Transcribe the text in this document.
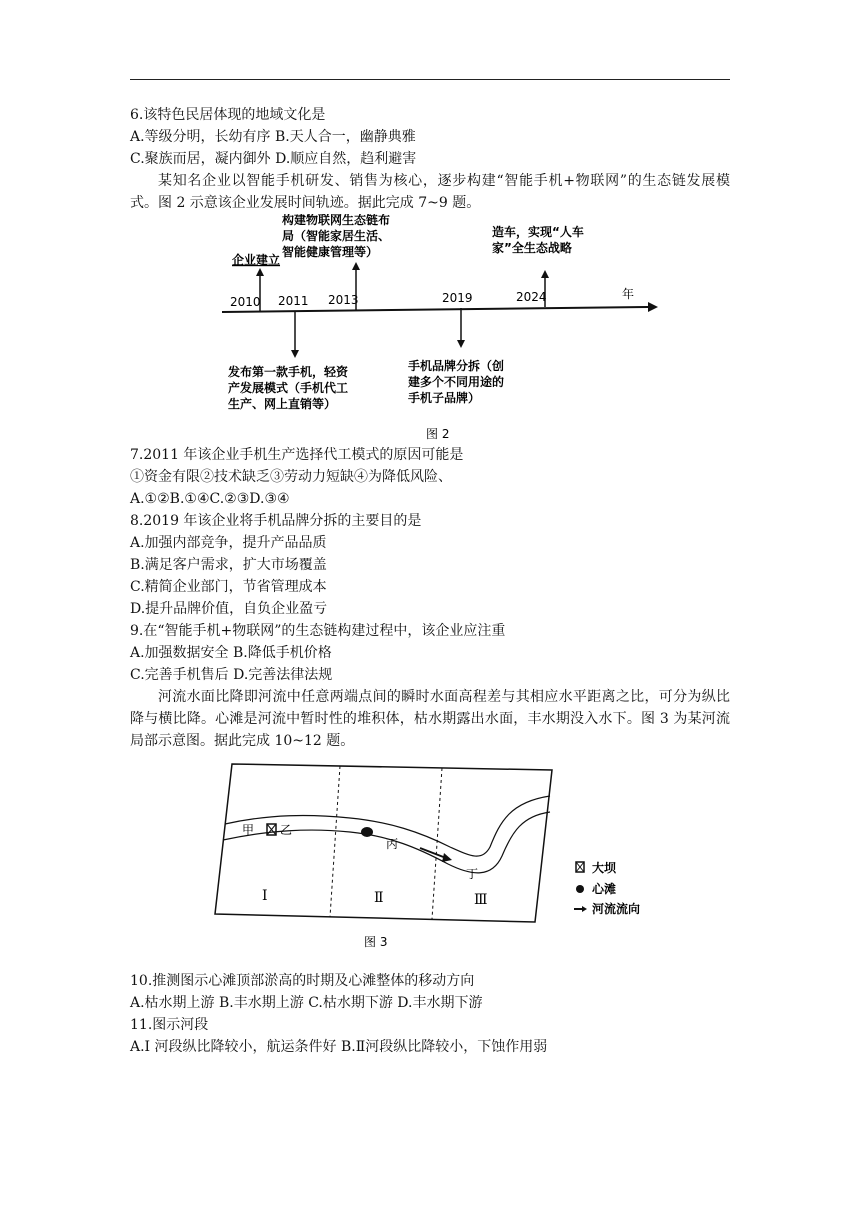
6.该特色民居体现的地域文化是
A.等级分明，长幼有序 B.天人合一，幽静典雅
C.聚族而居，凝内御外 D.顺应自然，趋利避害
某知名企业以智能手机研发、销售为核心，逐步构建“智能手机+物联网”的生态链发展模式。图 2 示意该企业发展时间轨迹。据此完成 7~9 题。
2010 2011 2013	2019	2024	年
企业建立
发布第一款手机，轻资
产发展模式（手机代工
生产、网上直销等）
构建物联网生态链布
局（智能家居生活、
智能健康管理等）
手机品牌分拆（创
建多个不同用途的
手机子品牌）
造车，实现“人车
家”全生态战略
图 2
7.2011 年该企业手机生产选择代工模式的原因可能是
①资金有限②技术缺乏③劳动力短缺④为降低风险、
A.①②B.①④C.②③D.③④
8.2019 年该企业将手机品牌分拆的主要目的是
A.加强内部竞争，提升产品品质
B.满足客户需求，扩大市场覆盖
C.精简企业部门，节省管理成本
D.提升品牌价值，自负企业盈亏
9.在“智能手机+物联网”的生态链构建过程中，该企业应注重
A.加强数据安全 B.降低手机价格
C.完善手机售后 D.完善法律法规
河流水面比降即河流中任意两端点间的瞬时水面高程差与其相应水平距离之比，可分为纵比降与横比降。心滩是河流中暂时性的堆积体，枯水期露出水面，丰水期没入水下。图 3 为某河流局部示意图。据此完成 10~12 题。
甲 乙
丙
丁
I	Ⅱ	Ⅲ
大坝
心滩
河流流向
图 3
10.推测图示心滩顶部淤高的时期及心滩整体的移动方向
A.枯水期上游 B.丰水期上游 C.枯水期下游 D.丰水期下游
11.图示河段
A.I 河段纵比降较小，航运条件好 B.Ⅱ河段纵比降较小，下蚀作用弱
